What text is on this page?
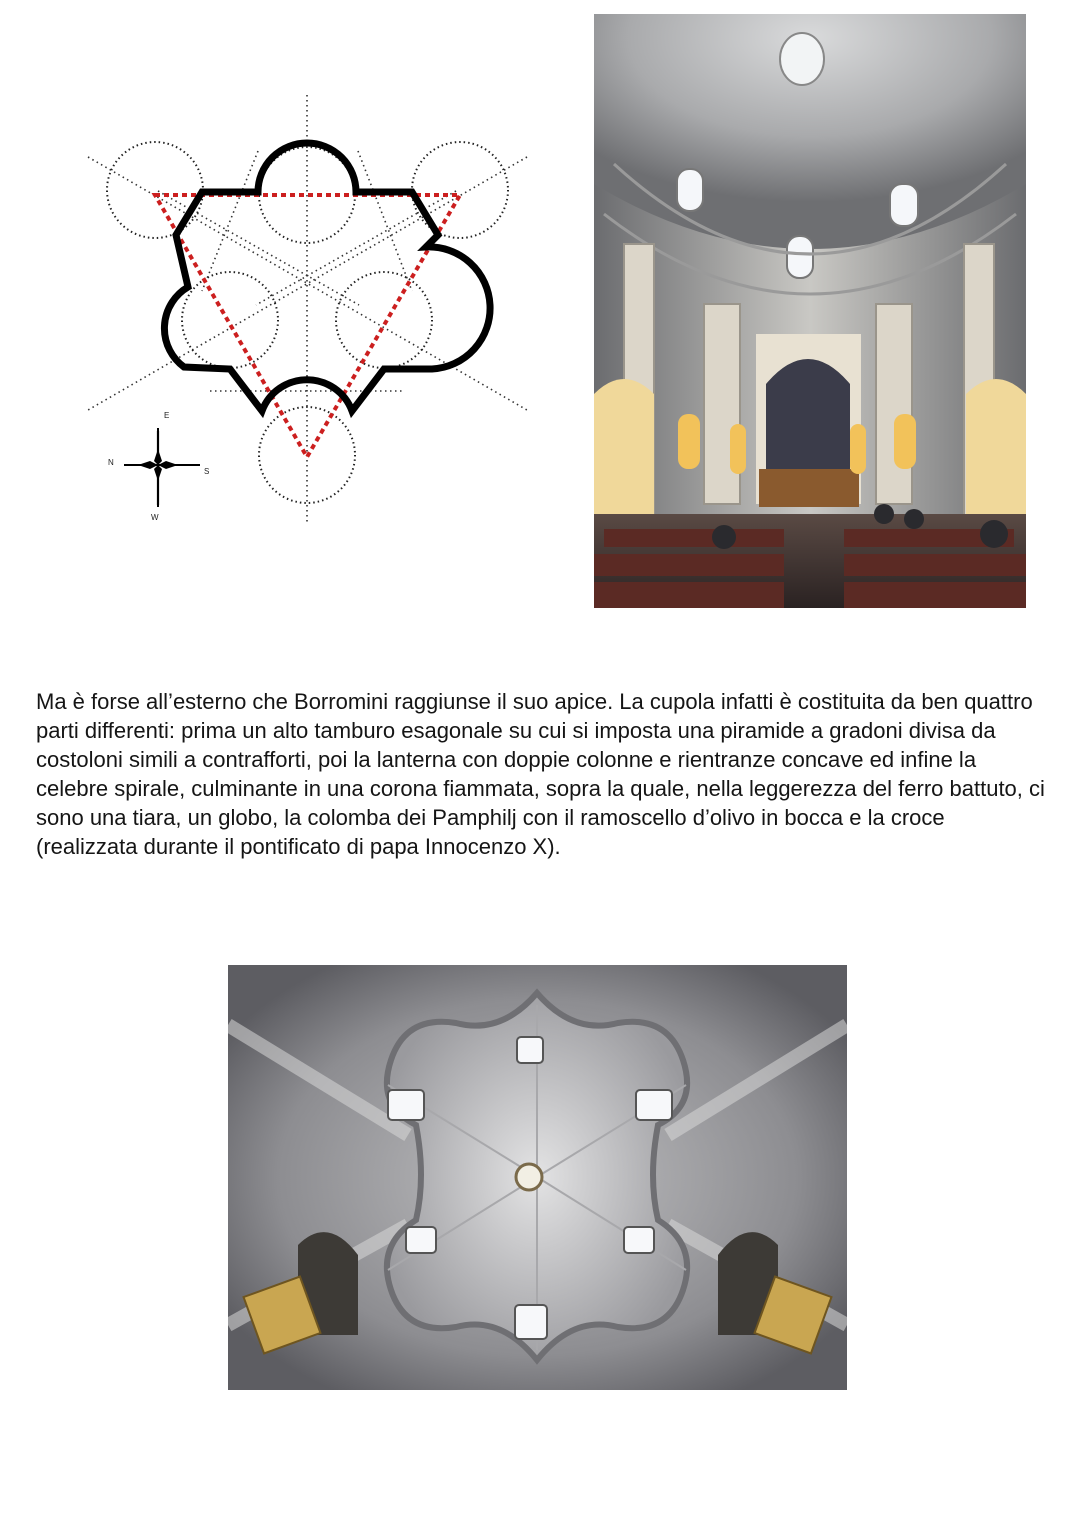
E
N
S
W

Ma è forse all’esterno che Borromini raggiunse il suo apice. La cupola infatti è costituita da ben quattro parti differenti: prima un alto tamburo esagonale su cui si imposta una piramide a gradoni divisa da costoloni simili a contrafforti, poi la lanterna con doppie colonne e rientranze concave ed infine la celebre spirale, culminante in una corona fiammata, sopra la quale, nella leggerezza del ferro battuto, ci sono una tiara, un globo, la colomba dei Pamphilj con il ramoscello d’olivo in bocca e la croce (realizzata durante il pontificato di papa Innocenzo X).
